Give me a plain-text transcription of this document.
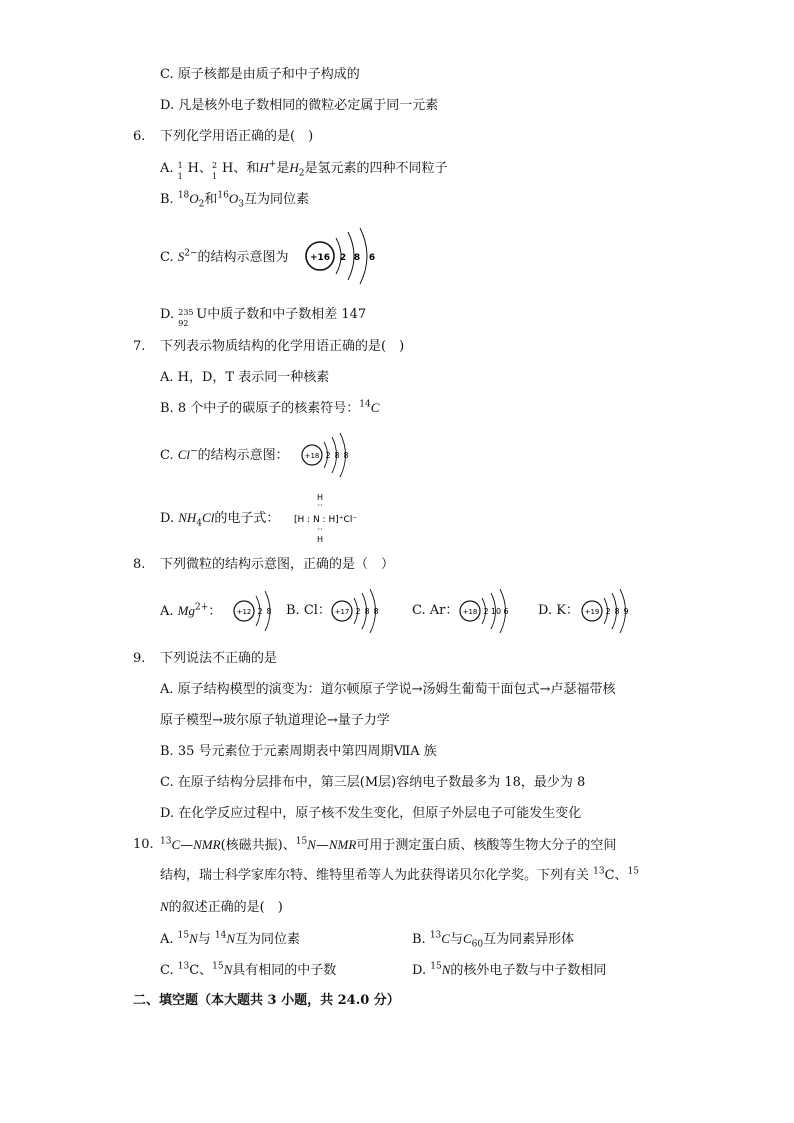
C. 原子核都是由质子和中子构成的
D. 凡是核外电子数相同的微粒必定属于同一元素
6. 下列化学用语正确的是(　)
A. 1
1
H、 2
1
H、和H+是$H_2$是氢元素的四种不同粒子
B. $^{18}O_2$和$^{16}O_3$互为同位素
C. $S^{2-}$的结构示意图为 +16 2 8 6
D. 235
92
U中质子数和中子数相差 147
7. 下列表示物质结构的化学用语正确的是(　)
A. H，D，T 表示同一种核素
B. 8 个中子的碳原子的核素符号：$^{14}$C
C. Cl−的结构示意图： +18 2 8 8
D. $NH_4Cl$的电子式：
H
··
[H : N : H]⁺Cl⁻
··
H
8. 下列微粒的结构示意图，正确的是（　）
A. $Mg^{2+}$： +12 2 8 B. Cl： +17 2 8 8	C. Ar： +18 2 10 6 D. K： +19 2 8 9
9. 下列说法不正确的是
A. 原子结构模型的演变为：道尔顿原子学说→汤姆生葡萄干面包式→卢瑟福带核
原子模型→玻尔原子轨道理论→量子力学
B. 35 号元素位于元素周期表中第四周期ⅦA 族
C. 在原子结构分层排布中，第三层(M层)容纳电子数最多为 18，最少为 8
D. 在化学反应过程中，原子核不发生变化，但原子外层电子可能发生变化
10. $^{13}$C—NMR(核磁共振)、$^{15}$N—NMR可用于测定蛋白质、核酸等生物大分子的空间
结构，瑞士科学家库尔特、维特里希等人为此获得诺贝尔化学奖。下列有关 $^{13}$C、$^{15}$
N的叙述正确的是(　)
A. $^{15}$N与 $^{14}$N互为同位素	B. $^{13}$C与$C_{60}$互为同素异形体
C. $^{13}$C、$^{15}$N具有相同的中子数	D. $^{15}$N的核外电子数与中子数相同
二、填空题（本大题共 3 小题，共 24.0 分）
